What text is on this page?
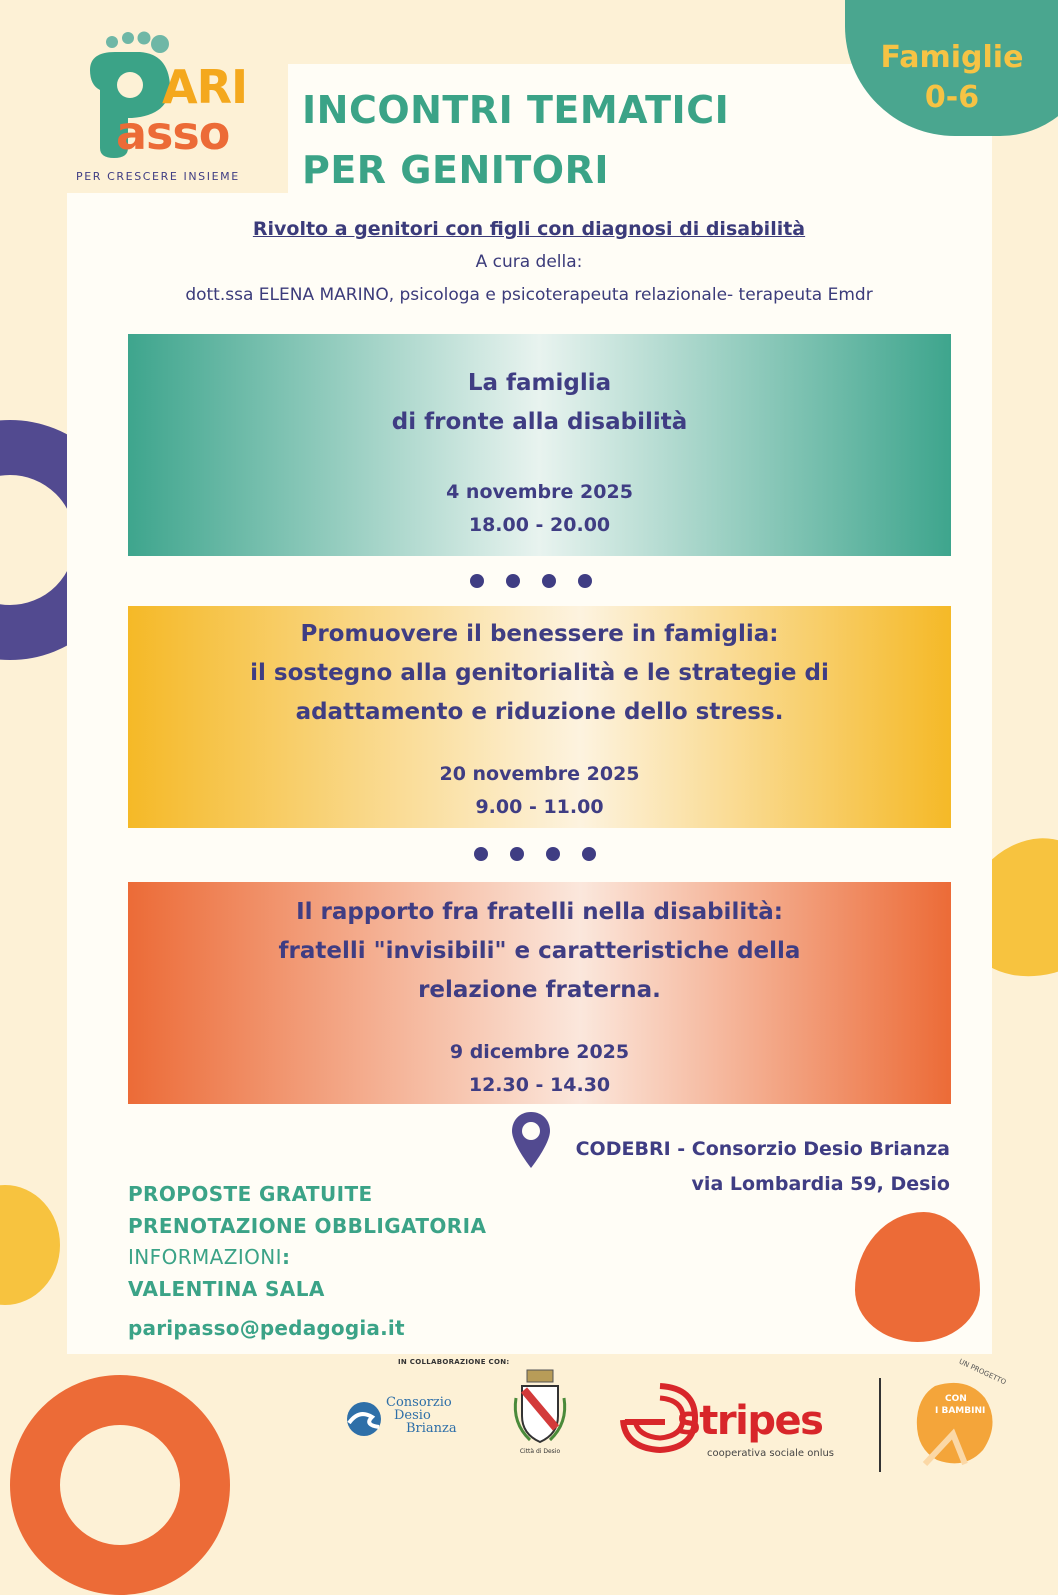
ARI
asso
PER CRESCERE INSIEME
Famiglie
0-6
INCONTRI TEMATICI
PER GENITORI
Rivolto a genitori con figli con diagnosi di disabilità
A cura della:
dott.ssa ELENA MARINO, psicologa e psicoterapeuta relazionale- terapeuta Emdr
La famiglia
di fronte alla disabilità
4 novembre 2025
18.00 - 20.00
Promuovere il benessere in famiglia:
il sostegno alla genitorialità e le strategie di
adattamento e riduzione dello stress.
20 novembre 2025
9.00 - 11.00
Il rapporto fra fratelli nella disabilità:
fratelli "invisibili" e caratteristiche della
relazione fraterna.
9 dicembre 2025
12.30 - 14.30
CODEBRI - Consorzio Desio Brianza
via Lombardia 59, Desio
PROPOSTE GRATUITE
PRENOTAZIONE OBBLIGATORIA
INFORMAZIONI:
VALENTINA SALA
paripasso@pedagogia.it
IN COLLABORAZIONE CON:
Consorzio
Desio
Brianza
Città di Desio
stripes
cooperativa sociale onlus
UN PROGETTO
CON
I BAMBINI
